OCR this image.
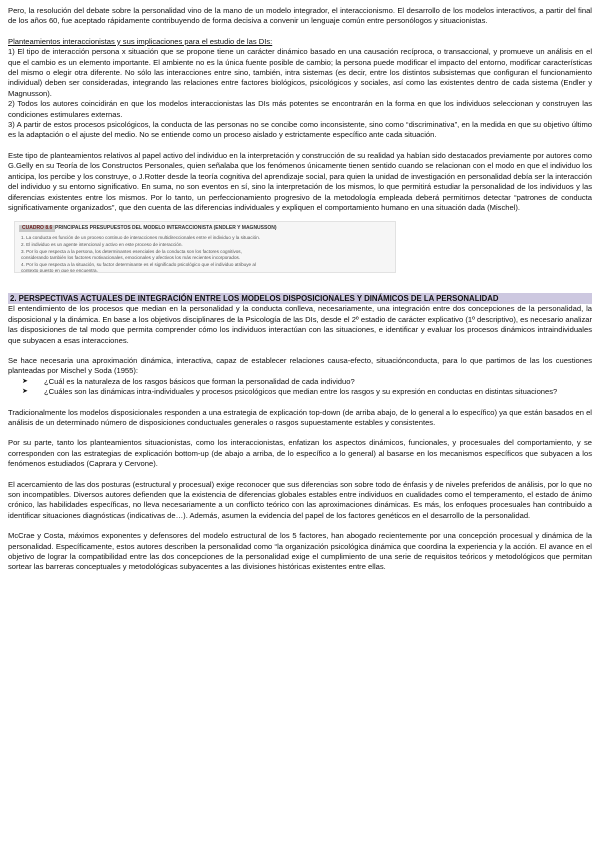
Pero, la resolución del debate sobre la personalidad vino de la mano de un modelo integrador, el interaccionismo. El desarrollo de los modelos interactivos, a partir del final de los años 60, fue aceptado rápidamente contribuyendo de forma decisiva a convenir un lenguaje común entre personólogos y situacionistas.

Planteamientos interaccionistas y sus implicaciones para el estudio de las DIs:

1) El tipo de interacción persona x situación que se propone tiene un carácter dinámico basado en una causación recíproca, o transaccional, y promueve un análisis en el que el cambio es un elemento importante. El ambiente no es la única fuente posible de cambio; la persona puede modificar el impacto del entorno, modificar características del mismo o elegir otra diferente. No sólo las interacciones entre sino, también, intra sistemas (es decir, entre los distintos subsistemas que configuran el funcionamiento individual) deben ser consideradas, integrando las relaciones entre factores biológicos, psicológicos y sociales, así como las existentes dentro de cada sistema (Endler y Magnusson).

2) Todos los autores coincidirán en que los modelos interaccionistas las DIs más potentes se encontrarán en la forma en que los individuos seleccionan y construyen las condiciones estimulares externas.

3) A partir de estos procesos psicológicos, la conducta de las personas no se concibe como inconsistente, sino como “discriminativa”, en la medida en que su objetivo último es la adaptación o el ajuste del medio. No se entiende como un proceso aislado y estrictamente específico ante cada situación.

Este tipo de planteamientos relativos al papel activo del individuo en la interpretación y construcción de su realidad ya habían sido destacados previamente por autores como G.Gelly en su Teoría de los Constructos Personales, quien señalaba que los fenómenos únicamente tienen sentido cuando se relacionan con el modo en que el individuo los anticipa, los percibe y los construye, o J.Rotter desde la teoría cognitiva del aprendizaje social, para quien la unidad de investigación en personalidad debía ser la interacción del individuo y su entorno significativo. En suma, no son eventos en sí, sino la interpretación de los mismos, lo que permitirá estudiar la personalidad de los individuos y las diferencias existentes entre los mismos. Por lo tanto, un perfeccionamiento progresivo de la metodología empleada deberá permitirnos detectar “patrones de conducta significativamente organizados”, que den cuenta de las diferencias individuales y expliquen el comportamiento humano en una situación dada (Mischel).

CUADRO 8.6 PRINCIPALES PRESUPUESTOS DEL MODELO INTERACCIONISTA (ENDLER Y MAGNUSSON)
1. La conducta es función de un proceso continuo de interacciones multidireccionales entre el individuo y la situación.
2. El individuo es un agente intencional y activo en este proceso de interacción.
3. Por lo que respecta a la persona, los determinantes esenciales de la conducta son los factores cognitivos,
considerando también los factores motivacionales, emocionales y afectivos los más recientes incorporados.
4. Por lo que respecta a la situación, su factor determinante es el significado psicológico que el individuo atribuye al
contexto puesto en que se encuentra.
2. PERSPECTIVAS ACTUALES DE INTEGRACIÓN ENTRE LOS MODELOS DISPOSICIONALES Y DINÁMICOS DE LA PERSONALIDAD

El entendimiento de los procesos que median en la personalidad y la conducta conlleva, necesariamente, una integración entre dos concepciones de la personalidad, la disposicional y la dinámica. En base a los objetivos disciplinares de la Psicología de las DIs, desde el 2º estadio de carácter explicativo (1º descriptivo), es necesario analizar las disposiciones de tal modo que permita comprender cómo los individuos interactúan con las situaciones, e identificar y evaluar los procesos dinámicos intraindividuales que subyacen a esas interacciones.

Se hace necesaria una aproximación dinámica, interactiva, capaz de establecer relaciones causa-efecto, situaciónconducta, para lo que partimos de las los cuestiones planteadas por Mischel y Soda (1955):

➤ ¿Cuál es la naturaleza de los rasgos básicos que forman la personalidad de cada individuo?
➤ ¿Cuáles son las dinámicas intra-individuales y procesos psicológicos que median entre los rasgos y su expresión en conductas en distintas situaciones?

Tradicionalmente los modelos disposicionales responden a una estrategia de explicación top-down (de arriba abajo, de lo general a lo específico) ya que están basados en el análisis de un determinado número de disposiciones conductuales generales o rasgos supuestamente estables y consistentes.

Por su parte, tanto los planteamientos situacionistas, como los interaccionistas, enfatizan los aspectos dinámicos, funcionales, y procesuales del comportamiento, y se corresponden con las estrategias de explicación bottom-up (de abajo a arriba, de lo específico a lo general) al basarse en los mecanismos específicos que subyacen a los fenómenos estudiados (Caprara y Cervone).

El acercamiento de las dos posturas (estructural y procesual) exige reconocer que sus diferencias son sobre todo de énfasis y de niveles preferidos de análisis, por lo que no son incompatibles. Diversos autores defienden que la existencia de diferencias globales estables entre individuos en cualidades como el temperamento, el estado de ánimo crónico, las habilidades específicas, no lleva necesariamente a un conflicto teórico con las aproximaciones dinámicas. Es más, los enfoques procesuales han contribuido a identificar situaciones diagnósticas (indicativas de…). Además, asumen la evidencia del papel de los factores genéticos en el desarrollo de la personalidad.

McCrae y Costa, máximos exponentes y defensores del modelo estructural de los 5 factores, han abogado recientemente por una concepción procesual y dinámica de la personalidad. Específicamente, estos autores describen la personalidad como “la organización psicológica dinámica que coordina la experiencia y la acción. El avance en el objetivo de lograr la compatibilidad entre las dos concepciones de la personalidad exige el cumplimiento de una serie de requisitos teóricos y metodológicos que permitan sortear las barreras conceptuales y metodológicas subyacentes a las divisiones históricas existentes entre ellas.
